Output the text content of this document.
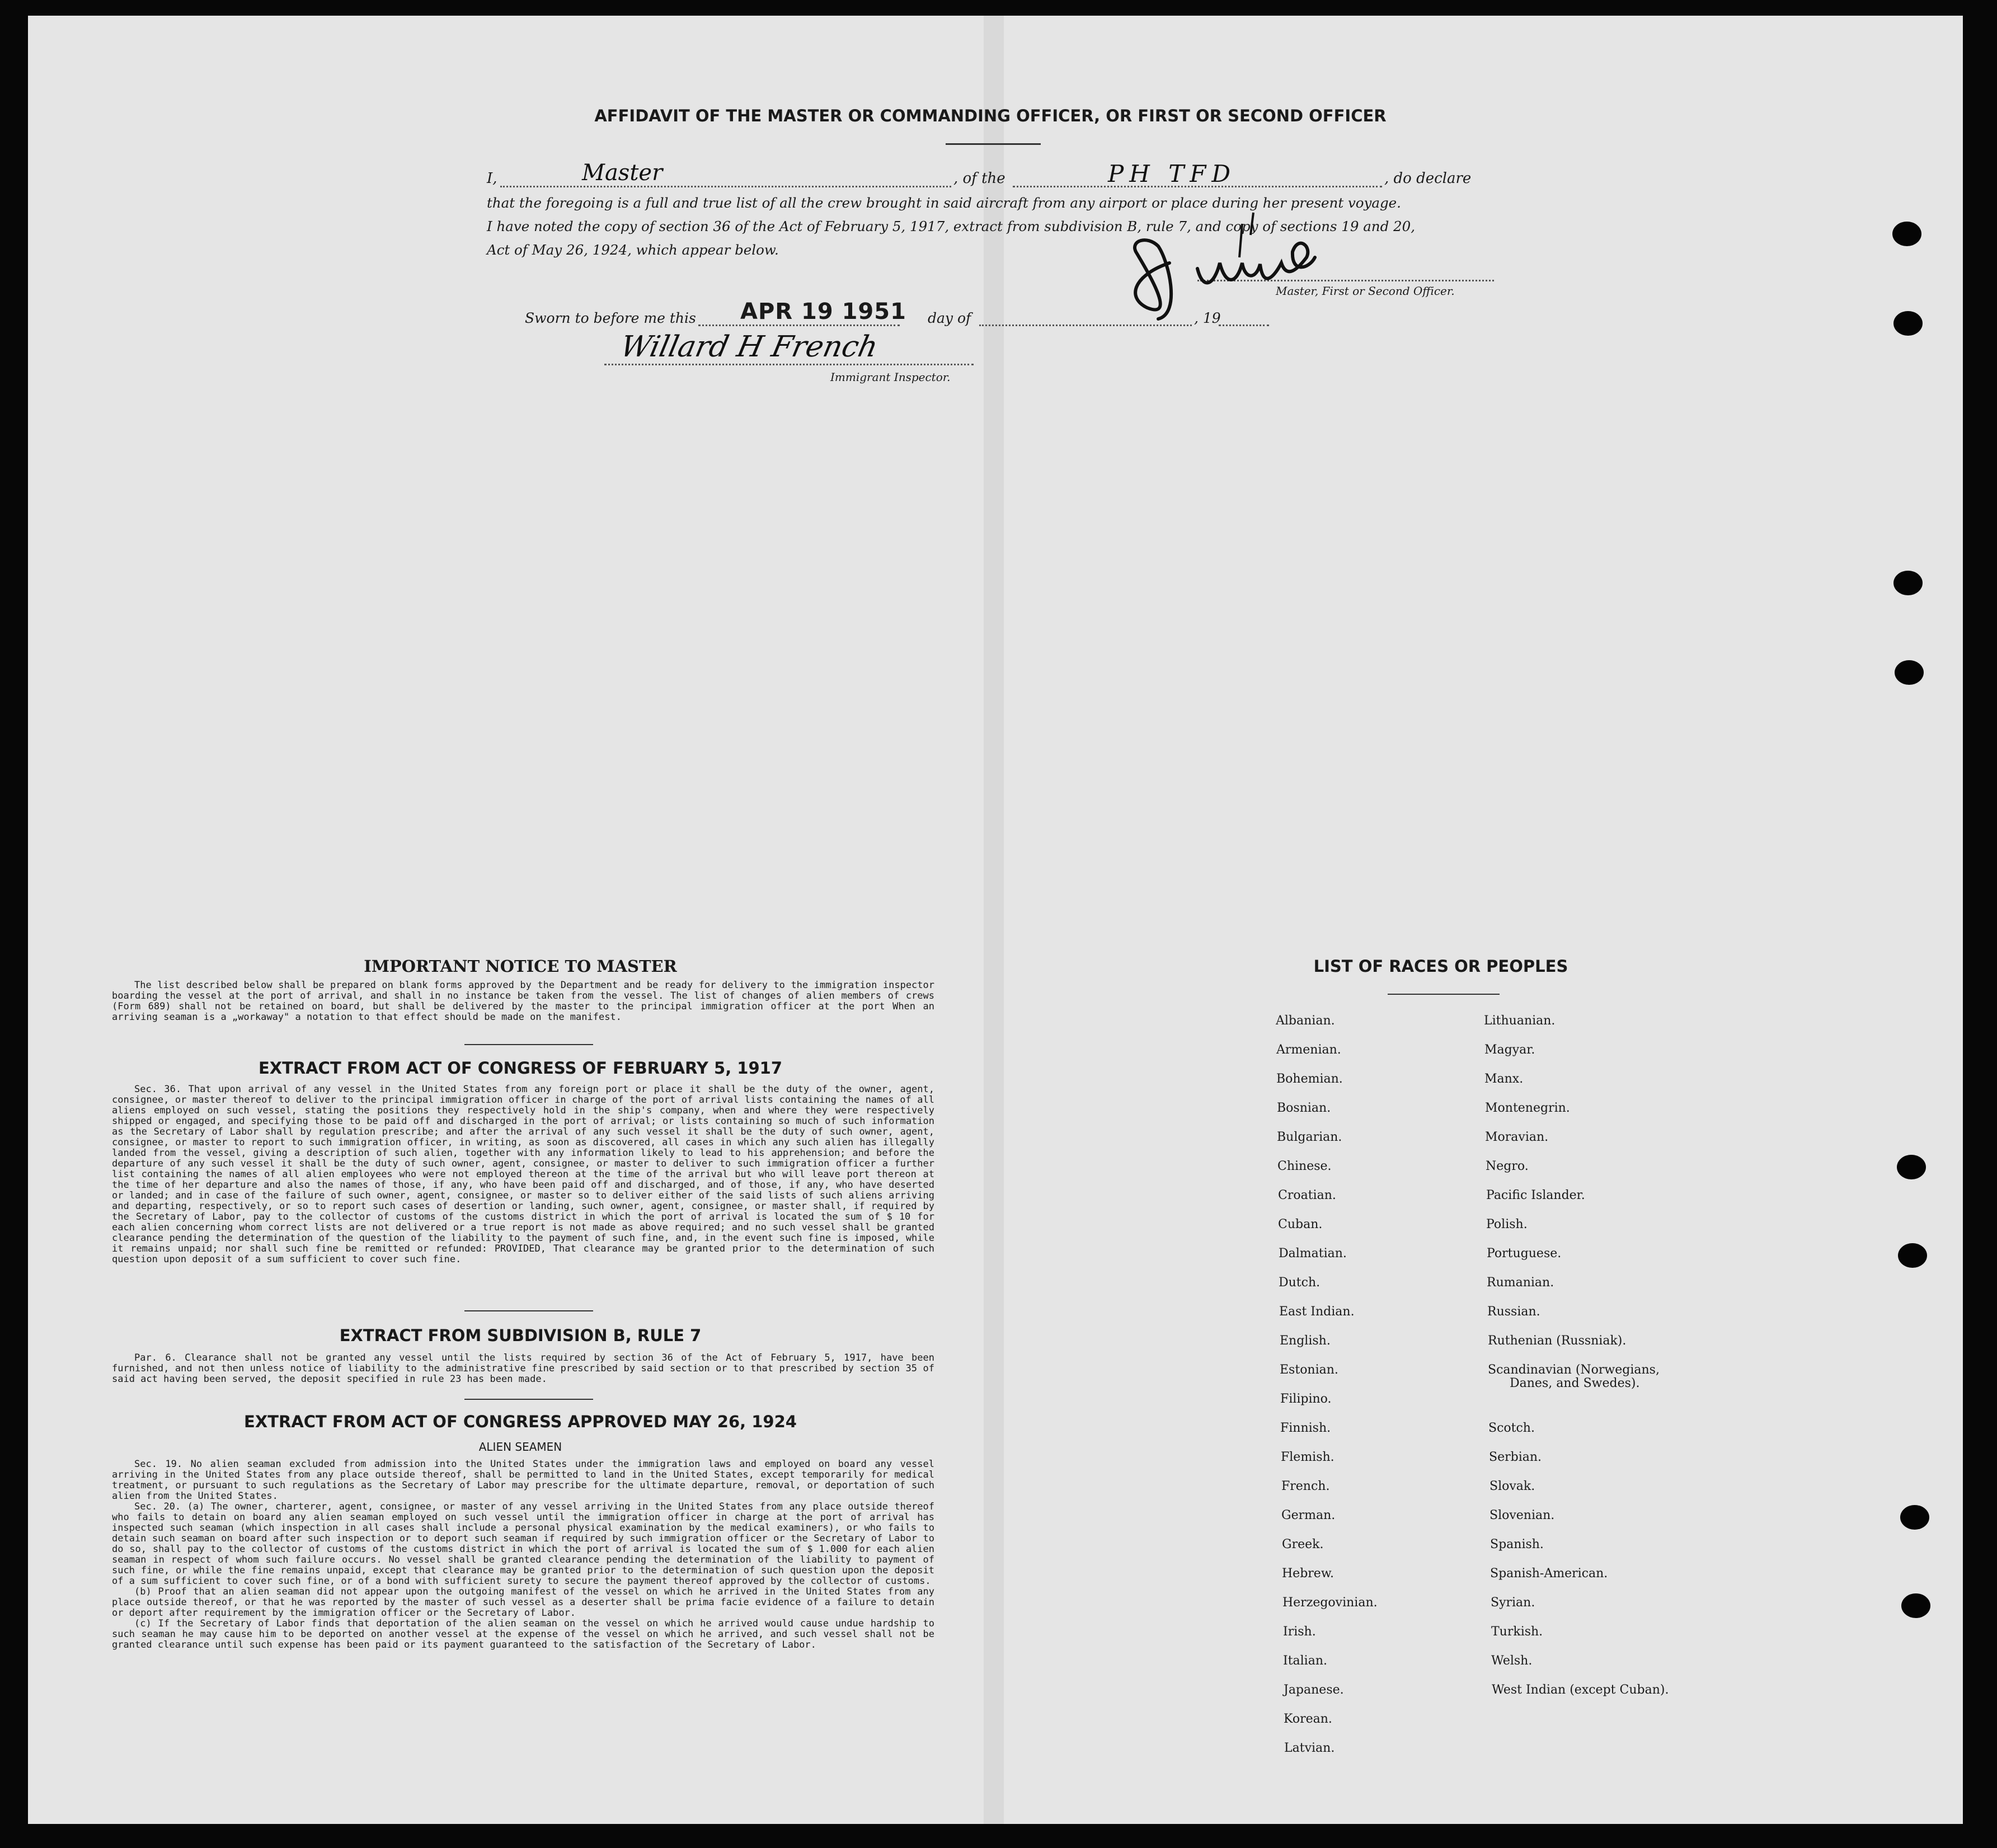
AFFIDAVIT OF THE MASTER OR COMMANDING OFFICER, OR FIRST OR SECOND OFFICER
I,	Master	, of the	PH TFD	, do declare
that the foregoing is a full and true list of all the crew brought in said aircraft from any airport or place during her present voyage.
I have noted the copy of section 36 of the Act of February 5, 1917, extract from subdivision B, rule 7, and copy of sections 19 and 20,
Act of May 26, 1924, which appear below.
Master, First or Second Officer.
Sworn to before me this APR 19 1951 day of	, 19
Willard H French
Immigrant Inspector.
IMPORTANT NOTICE TO MASTER

The list described below shall be prepared on blank forms approved by the Department and be ready for delivery to the immigration inspector boarding the vessel at the port of arrival, and shall in no instance be taken from the vessel. The list of changes of alien members of crews (Form 689) shall not be retained on board, but shall be delivered by the master to the principal immigration officer at the port When an arriving seaman is a „workaway" a notation to that effect should be made on the manifest.

EXTRACT FROM ACT OF CONGRESS OF FEBRUARY 5, 1917

Sec. 36. That upon arrival of any vessel in the United States from any foreign port or place it shall be the duty of the owner, agent, consignee, or master thereof to deliver to the principal immigration officer in charge of the port of arrival lists containing the names of all aliens employed on such vessel, stating the positions they respectively hold in the ship's company, when and where they were respectively shipped or engaged, and specifying those to be paid off and discharged in the port of arrival; or lists containing so much of such information as the Secretary of Labor shall by regulation prescribe; and after the arrival of any such vessel it shall be the duty of such owner, agent, consignee, or master to report to such immigration officer, in writing, as soon as discovered, all cases in which any such alien has illegally landed from the vessel, giving a description of such alien, together with any information likely to lead to his apprehension; and before the departure of any such vessel it shall be the duty of such owner, agent, consignee, or master to deliver to such immigration officer a further list containing the names of all alien employees who were not employed thereon at the time of the arrival but who will leave port thereon at the time of her departure and also the names of those, if any, who have been paid off and discharged, and of those, if any, who have deserted or landed; and in case of the failure of such owner, agent, consignee, or master so to deliver either of the said lists of such aliens arriving and departing, respectively, or so to report such cases of desertion or landing, such owner, agent, consignee, or master shall, if required by the Secretary of Labor, pay to the collector of customs of the customs district in which the port of arrival is located the sum of $ 10 for each alien concerning whom correct lists are not delivered or a true report is not made as above required; and no such vessel shall be granted clearance pending the determination of the question of the liability to the payment of such fine, and, in the event such fine is imposed, while it remains unpaid; nor shall such fine be remitted or refunded: PROVIDED, That clearance may be granted prior to the determination of such question upon deposit of a sum sufficient to cover such fine.

EXTRACT FROM SUBDIVISION B, RULE 7

Par. 6. Clearance shall not be granted any vessel until the lists required by section 36 of the Act of February 5, 1917, have been furnished, and not then unless notice of liability to the administrative fine prescribed by said section or to that prescribed by section 35 of said act having been served, the deposit specified in rule 23 has been made.

EXTRACT FROM ACT OF CONGRESS APPROVED MAY 26, 1924
ALIEN SEAMEN

Sec. 19. No alien seaman excluded from admission into the United States under the immigration laws and employed on board any vessel arriving in the United States from any place outside thereof, shall be permitted to land in the United States, except temporarily for medical treatment, or pursuant to such regulations as the Secretary of Labor may prescribe for the ultimate departure, removal, or deportation of such alien from the United States.

Sec. 20. (a) The owner, charterer, agent, consignee, or master of any vessel arriving in the United States from any place outside thereof who fails to detain on board any alien seaman employed on such vessel until the immigration officer in charge at the port of arrival has inspected such seaman (which inspection in all cases shall include a personal physical examination by the medical examiners), or who fails to detain such seaman on board after such inspection or to deport such seaman if required by such immigration officer or the Secretary of Labor to do so, shall pay to the collector of customs of the customs district in which the port of arrival is located the sum of $ 1.000 for each alien seaman in respect of whom such failure occurs. No vessel shall be granted clearance pending the determination of the liability to payment of such fine, or while the fine remains unpaid, except that clearance may be granted prior to the determination of such question upon the deposit of a sum sufficient to cover such fine, or of a bond with sufficient surety to secure the payment thereof approved by the collector of customs.

(b) Proof that an alien seaman did not appear upon the outgoing manifest of the vessel on which he arrived in the United States from any place outside thereof, or that he was reported by the master of such vessel as a deserter shall be prima facie evidence of a failure to detain or deport after requirement by the immigration officer or the Secretary of Labor.

(c) If the Secretary of Labor finds that deportation of the alien seaman on the vessel on which he arrived would cause undue hardship to such seaman he may cause him to be deported on another vessel at the expense of the vessel on which he arrived, and such vessel shall not be granted clearance until such expense has been paid or its payment guaranteed to the satisfaction of the Secretary of Labor.

LIST OF RACES OR PEOPLES
Albanian.
Armenian.
Bohemian.
Bosnian.
Bulgarian.
Chinese.
Croatian.
Cuban.
Dalmatian.
Dutch.
East Indian.
English.
Estonian.
Filipino.
Finnish.
Flemish.
French.
German.
Greek.
Hebrew.
Herzegovinian.
Irish.
Italian.
Japanese.
Korean.
Latvian.
Lithuanian.
Magyar.
Manx.
Montenegrin.
Moravian.
Negro.
Pacific Islander.
Polish.
Portuguese.
Rumanian.
Russian.
Ruthenian (Russniak).
Scandinavian (Norwegians,
Danes, and Swedes).
Scotch.
Serbian.
Slovak.
Slovenian.
Spanish.
Spanish-American.
Syrian.
Turkish.
Welsh.
West Indian (except Cuban).
